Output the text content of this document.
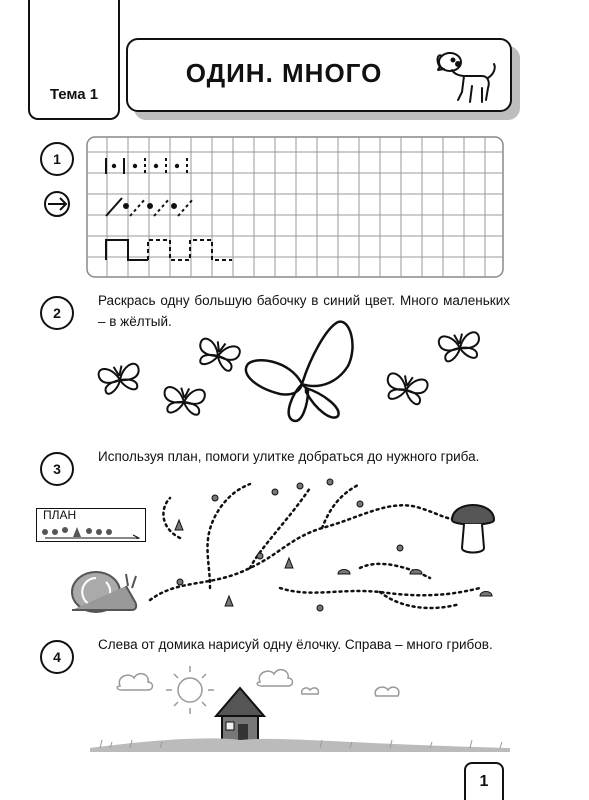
Тема 1
ОДИН. МНОГО
1
2
Раскрась одну большую бабочку в синий цвет. Много маленьких – в жёлтый.
3
Используя план, помоги улитке добраться до нужного гриба.
ПЛАН
4
Слева от домика нарисуй одну ёлочку. Справа – много грибов.
1
